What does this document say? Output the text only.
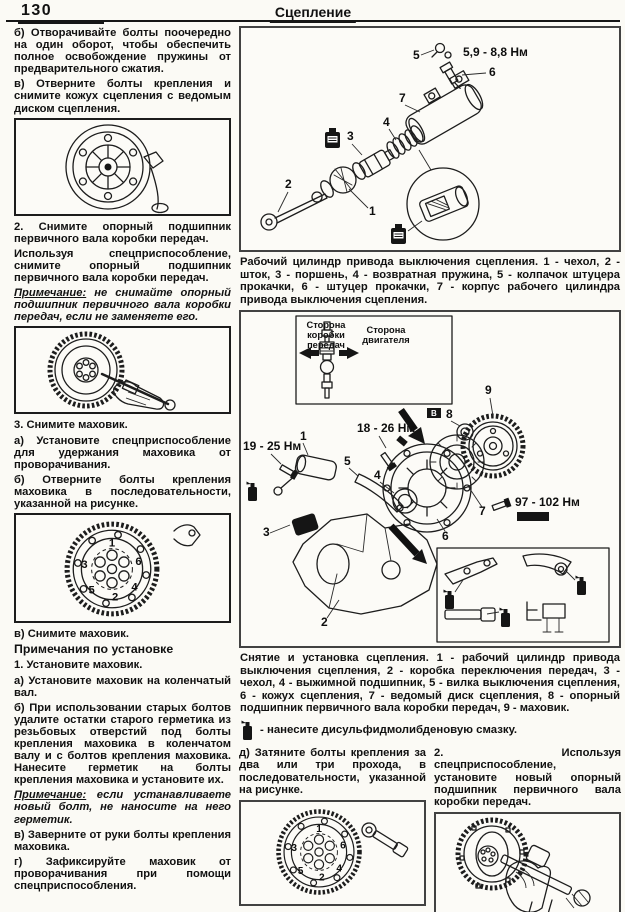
130	Сцепление

б) Отворачивайте болты поочередно на один оборот, чтобы обеспечить полное освобождение пружины от предварительного сжатия.

в) Отверните болты крепления и снимите кожух сцепления с ведомым диском сцепления.

2. Снимите опорный подшипник первичного вала коробки передач.

Используя спецприспособление, снимите опорный подшипник первичного вала коробки передач.

Примечание: не снимайте опорный подшипник первичного вала коробки передач, если не заменяете его.

3. Снимите маховик.

а) Установите спецприспособление для удержания маховика от проворачивания.

б) Отверните болты крепления маховика в последовательности, указанной на рисунке.

в) Снимите маховик.

Примечания по установке

1. Установите маховик.

а) Установите маховик на коленчатый вал.

б) При использовании старых болтов удалите остатки старого герметика из резьбовых отверстий под болты крепления маховика в коленчатом валу и с болтов крепления маховика. Нанесите герметик на болты крепления маховика и установите их.

Примечание: если устанавливаете новый болт, не наносите на него герметик.

в) Заверните от руки болты крепления маховика.

г) Зафиксируйте маховик от проворачивания при помощи спецприспособления.

2
1
3
4
7
5	5,9 - 8,8 Нм
6

Рабочий цилиндр привода выключения сцепления. 1 - чехол, 2 - шток, 3 - поршень, 4 - возвратная пружина, 5 - колпачок штуцера прокачки, 6 - штуцер прокачки, 7 - корпус рабочего цилиндра привода выключения сцепления.

19 - 25 Нм
1
18 - 26 Нм
5
4
6
7
8
В
9
97 - 102 Нм
2
3
Сторона коробки передач
Сторона двигателя

Снятие и установка сцепления. 1 - рабочий цилиндр привода выключения сцепления, 2 - коробка переключения передач, 3 - чехол, 4 - выжимной подшипник, 5 - вилка выключения сцепления, 6 - кожух сцепления, 7 - ведомый диск сцепления, 8 - опорный подшипник первичного вала коробки передач, 9 - маховик.

- нанесите дисульфидмолибденовую смазку.

д) Затяните болты крепления за два или три прохода, в последовательности, указанной на рисунке.

2. Используя спецприспособление, установите новый опорный подшипник первичного вала коробки передач.
